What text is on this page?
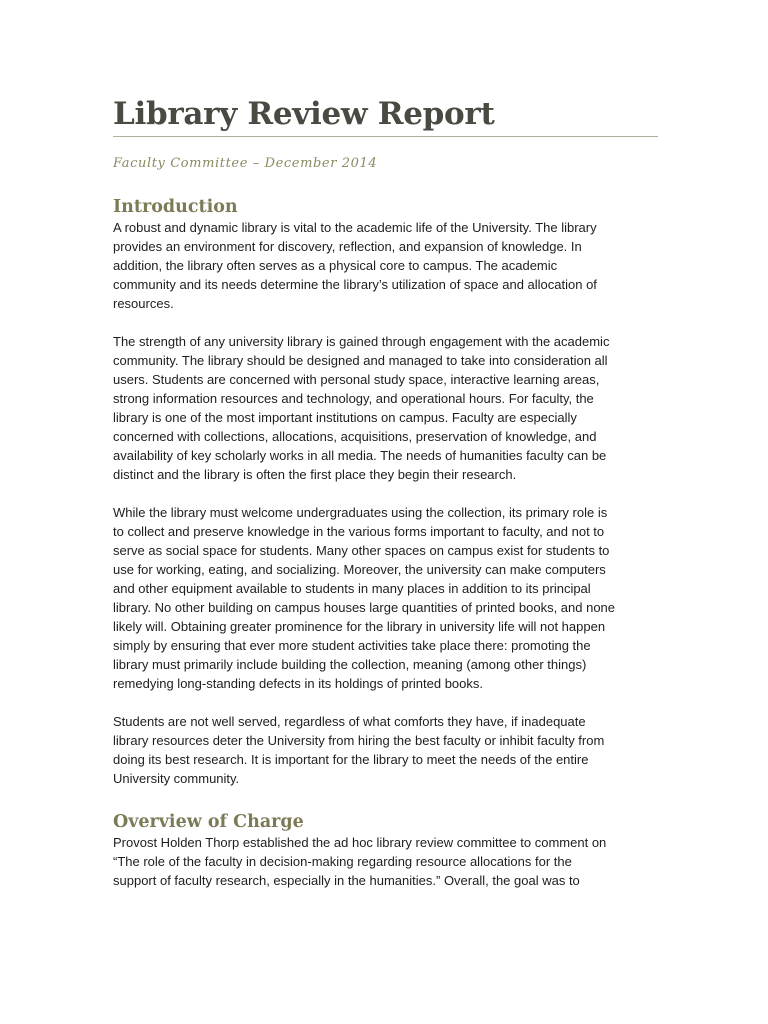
Library Review Report

Faculty Committee – December 2014

Introduction
A robust and dynamic library is vital to the academic life of the University. The library
provides an environment for discovery, reflection, and expansion of knowledge. In
addition, the library often serves as a physical core to campus. The academic
community and its needs determine the library’s utilization of space and allocation of
resources.
The strength of any university library is gained through engagement with the academic
community. The library should be designed and managed to take into consideration all
users. Students are concerned with personal study space, interactive learning areas,
strong information resources and technology, and operational hours. For faculty, the
library is one of the most important institutions on campus. Faculty are especially
concerned with collections, allocations, acquisitions, preservation of knowledge, and
availability of key scholarly works in all media. The needs of humanities faculty can be
distinct and the library is often the first place they begin their research.
While the library must welcome undergraduates using the collection, its primary role is
to collect and preserve knowledge in the various forms important to faculty, and not to
serve as social space for students. Many other spaces on campus exist for students to
use for working, eating, and socializing. Moreover, the university can make computers
and other equipment available to students in many places in addition to its principal
library. No other building on campus houses large quantities of printed books, and none
likely will. Obtaining greater prominence for the library in university life will not happen
simply by ensuring that ever more student activities take place there: promoting the
library must primarily include building the collection, meaning (among other things)
remedying long-standing defects in its holdings of printed books.
Students are not well served, regardless of what comforts they have, if inadequate
library resources deter the University from hiring the best faculty or inhibit faculty from
doing its best research. It is important for the library to meet the needs of the entire
University community.
Overview of Charge
Provost Holden Thorp established the ad hoc library review committee to comment on
“The role of the faculty in decision-making regarding resource allocations for the
support of faculty research, especially in the humanities.” Overall, the goal was to
